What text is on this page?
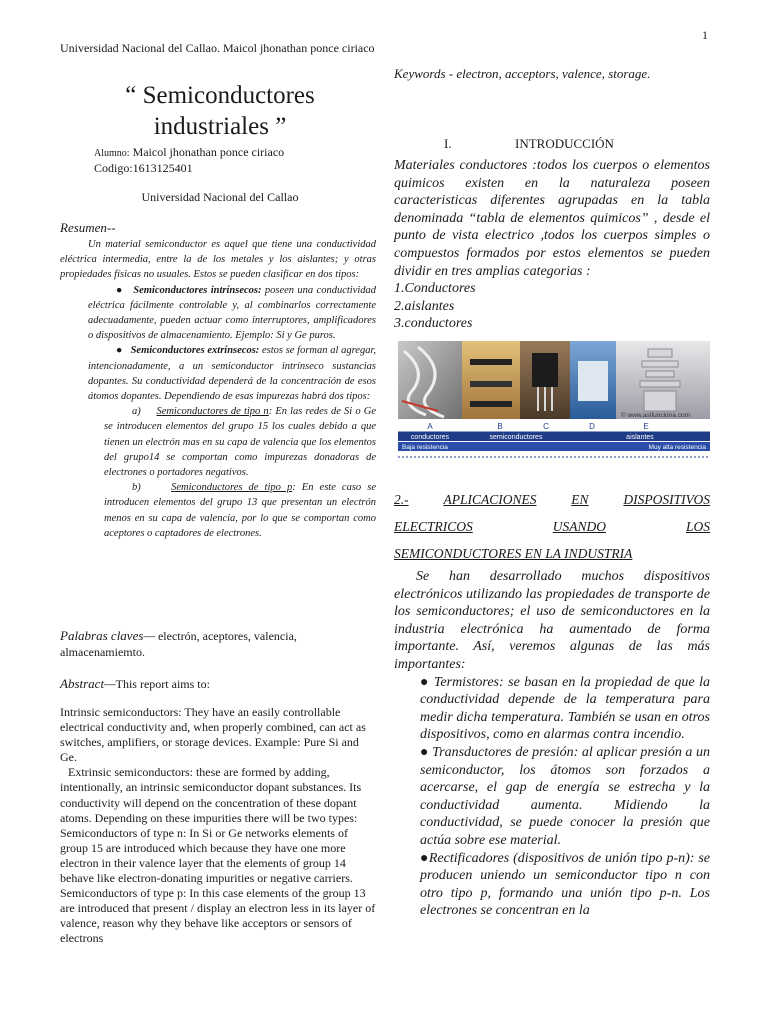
1
Universidad Nacional del Callao. Maicol jhonathan ponce ciriaco
Keywords - electron, acceptors, valence, storage.
“ Semiconductores
industriales ”
Alumno: Maicol jhonathan ponce ciriaco
Codigo:1613125401
Universidad Nacional del Callao
Resumen--

Un material semiconductor es aquel que tiene una conductividad eléctrica intermedia, entre la de los metales y los aislantes; y otras propiedades físicas no usuales. Estos se pueden clasificar en dos tipos:

●   Semiconductores intrínsecos: poseen una conductividad eléctrica fácilmente controlable y, al combinarlos correctamente adecuadamente, pueden actuar como interruptores, amplificadores o dispositivos de almacenamiento. Ejemplo: Si y Ge puros.

●   Semiconductores extrínsecos: estos se forman al agregar, intencionadamente, a un semiconductor intrínseco sustancias dopantes. Su conductividad dependerá de la concentración de esos átomos dopantes. Dependiendo de esas impurezas habrá dos tipos:

a) Semiconductores de tipo n: En las redes de Si o Ge se introducen elementos del grupo 15 los cuales debido a que tienen un electrón mas en su capa de valencia que los elementos del grupo14 se comportan como impurezas donadoras de electrones o portadores negativos.

b)	Semiconductores de tipo p: En este caso se introducen elementos del grupo 13 que presentan un electrón menos en su capa de valencia, por lo que se comportan como aceptores o captadores de electrones.

Palabras claves— electrón, aceptores, valencia, almacenamiemto.
Abstract—This report aims to:

Intrinsic semiconductors: They have an easily controllable electrical conductivity and, when properly combined, can act as switches, amplifiers, or storage devices. Example: Pure Si and Ge.

Extrinsic semiconductors: these are formed by adding, intentionally, an intrinsic semiconductor dopant substances. Its conductivity will depend on the concentration of these dopant atoms. Depending on these impurities there will be two types: Semiconductors of type n: In Si or Ge networks elements of group 15 are introduced which because they have one more electron in their valence layer that the elements of group 14 behave like electron-donating impurities or negative carriers. Semiconductors of type p: In this case elements of the group 13 are introduced that present / display an electron less in its layer of valence, reason why they behave like acceptors or sensors of electrons

I.	INTRODUCCIÓN

Materiales conductores :todos los cuerpos o elementos quimicos existen en la naturaleza poseen caracteristicas diferentes agrupadas en la tabla denominada “tabla de elementos quimicos” , desde el punto de vista electrico ,todos los cuerpos simples o compuestos formados por estos elementos se pueden dividir en tres amplias categorias :

1.Conductores

2.aislantes

3.conductores

© www.asifunciona.com
A	B	C	D	E
conductores	semiconductores	aislantes
Baja resistencia	Muy alta resistencia
2.-	APLICACIONES	EN	DISPOSITIVOS
ELECTRICOS	USANDO	LOS
SEMICONDUCTORES EN LA INDUSTRIA

Se han desarrollado muchos dispositivos electrónicos utilizando las propiedades de transporte de los semiconductores; el uso de semiconductores en la industria electrónica ha aumentado de forma importante. Así, veremos algunas de las más importantes:

● Termistores: se basan en la propiedad de que la conductividad depende de la temperatura para medir dicha temperatura. También se usan en otros dispositivos, como en alarmas contra incendio.

● Transductores de presión: al aplicar presión a un semiconductor, los átomos son forzados a acercarse, el gap de energía se estrecha y la conductividad aumenta. Midiendo la conductividad, se puede conocer la presión que actúa sobre ese material.

●Rectificadores (dispositivos de unión tipo p-n): se producen uniendo un semiconductor tipo n con otro tipo p, formando una unión tipo p-n. Los electrones se concentran en la
